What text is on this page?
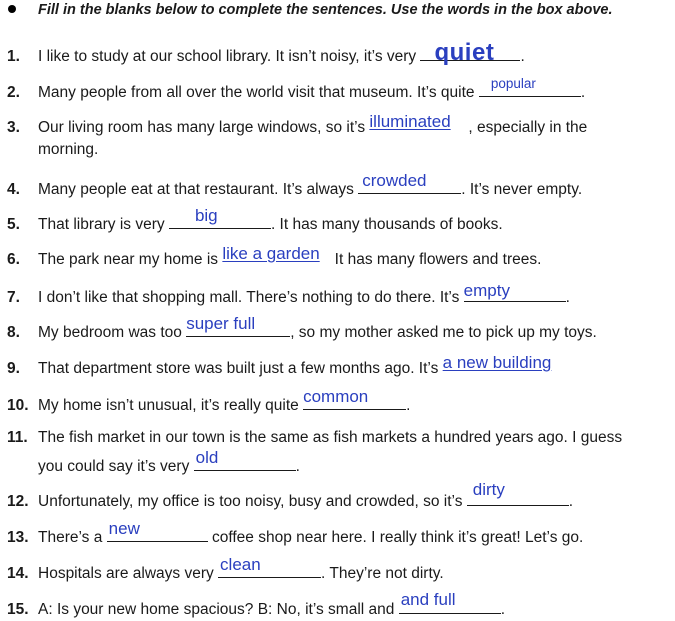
Fill in the blanks below to complete the sentences. Use the words in the box above.
1. I like to study at our school library. It isn’t noisy, it’s very quiet .
2. Many people from all over the world visit that museum. It’s quite
popular
.
3. Our living room has many large windows, so it’s illuminated , especially in the
morning.
4. Many people eat at that restaurant. It’s always crowded . It’s never empty.
5. That library is very big	. It has many thousands of books.
6. The park near my home is like a garden It has many flowers and trees.
7. I don’t like that shopping mall. There’s nothing to do there. It’s empty	.
8. My bedroom was too super full , so my mother asked me to pick up my toys.
9. That department store was built just a few months ago. It’s a new building
10. My home isn’t unusual, it’s really quite common .
11. The fish market in our town is the same as fish markets a hundred years ago. I guess
you could say it’s very old	.
12. Unfortunately, my office is too noisy, busy and crowded, so it’s
dirty
.
13. There’s a new	coffee shop near here. I really think it’s great! Let’s go.
14. Hospitals are always very clean	. They’re not dirty.
15. A: Is your new home spacious? B: No, it’s small and
and full
.
